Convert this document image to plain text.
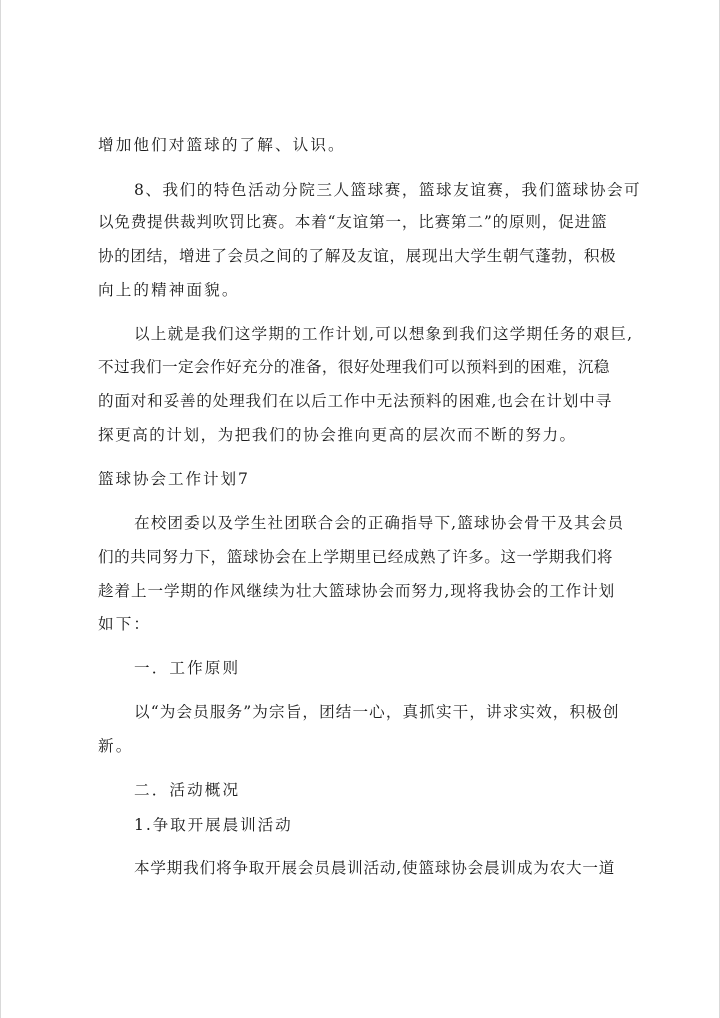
增加他们对篮球的了解、认识。
8、我们的特色活动分院三人篮球赛，篮球友谊赛，我们篮球协会可
以免费提供裁判吹罚比赛。本着“友谊第一，比赛第二”的原则，促进篮
协的团结，增进了会员之间的了解及友谊，展现出大学生朝气蓬勃，积极
向上的精神面貌。
以上就是我们这学期的工作计划,可以想象到我们这学期任务的艰巨,
不过我们一定会作好充分的准备，很好处理我们可以预料到的困难，沉稳
的面对和妥善的处理我们在以后工作中无法预料的困难,也会在计划中寻
探更高的计划，为把我们的协会推向更高的层次而不断的努力。
篮球协会工作计划7
在校团委以及学生社团联合会的正确指导下,篮球协会骨干及其会员
们的共同努力下，篮球协会在上学期里已经成熟了许多。这一学期我们将
趁着上一学期的作风继续为壮大篮球协会而努力,现将我协会的工作计划
如下：
一．工作原则
以“为会员服务”为宗旨，团结一心，真抓实干，讲求实效，积极创
新。
二．活动概况
1.争取开展晨训活动
本学期我们将争取开展会员晨训活动,使篮球协会晨训成为农大一道
